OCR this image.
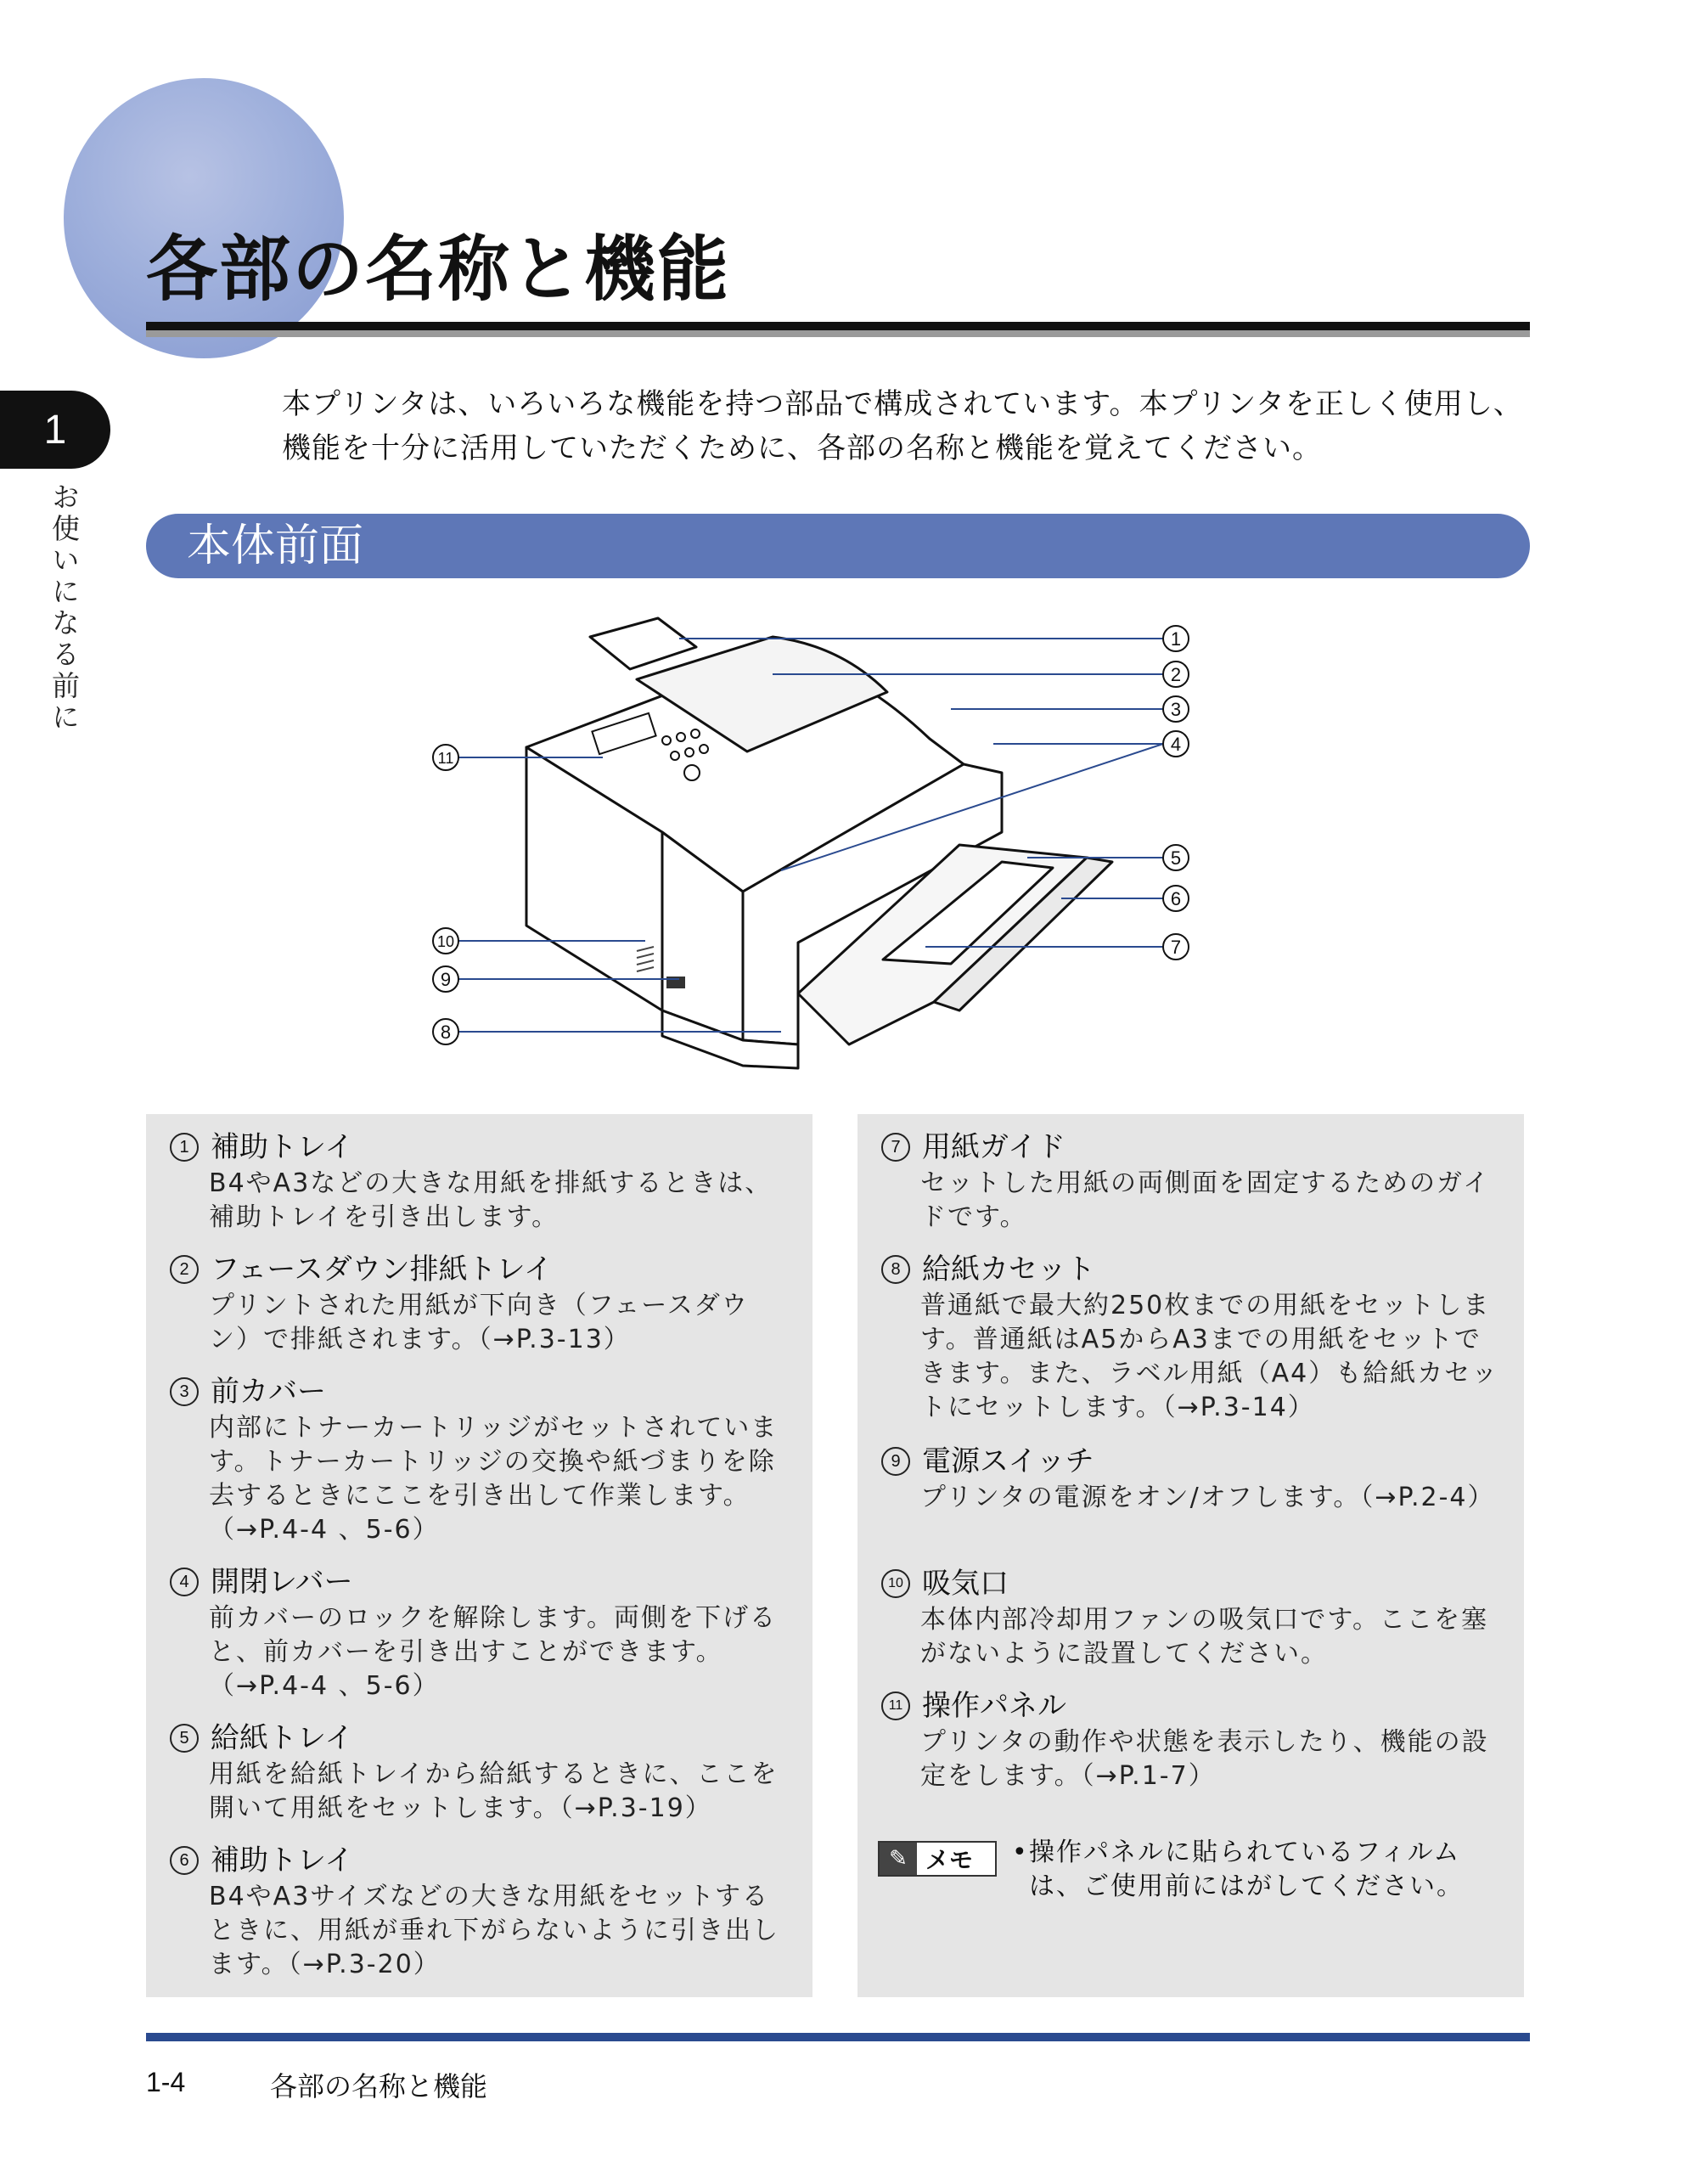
各部の名称と機能
1
お使いになる前に

本プリンタは、いろいろな機能を持つ部品で構成されています。本プリンタを正しく使用し、機能を十分に活用していただくために、各部の名称と機能を覚えてください。

本体前面
1
2
3
4
5
6
7
8
9
10
11
1 補助トレイ
B4やA3などの大きな用紙を排紙するときは、補助トレイを引き出します。
2 フェースダウン排紙トレイ
プリントされた用紙が下向き（フェースダウン）で排紙されます。（→P.3-13）
3 前カバー
内部にトナーカートリッジがセットされています。トナーカートリッジの交換や紙づまりを除去するときにここを引き出して作業します。（→P.4-4 、5-6）
4 開閉レバー
前カバーのロックを解除します。両側を下げると、前カバーを引き出すことができます。（→P.4-4 、5-6）
5 給紙トレイ
用紙を給紙トレイから給紙するときに、ここを開いて用紙をセットします。（→P.3-19）
6 補助トレイ
B4やA3サイズなどの大きな用紙をセットするときに、用紙が垂れ下がらないように引き出します。（→P.3-20）
7 用紙ガイド
セットした用紙の両側面を固定するためのガイドです。
8 給紙カセット
普通紙で最大約250枚までの用紙をセットします。普通紙はA5からA3までの用紙をセットできます。また、ラベル用紙（A4）も給紙カセットにセットします。（→P.3-14）
9 電源スイッチ
プリンタの電源をオン/オフします。（→P.2-4）
10 吸気口
本体内部冷却用ファンの吸気口です。ここを塞がないように設置してください。
11 操作パネル
プリンタの動作や状態を表示したり、機能の設定をします。（→P.1-7）
✎ メモ • 操作パネルに貼られているフィルムは、ご使用前にはがしてください。
1-4	各部の名称と機能
